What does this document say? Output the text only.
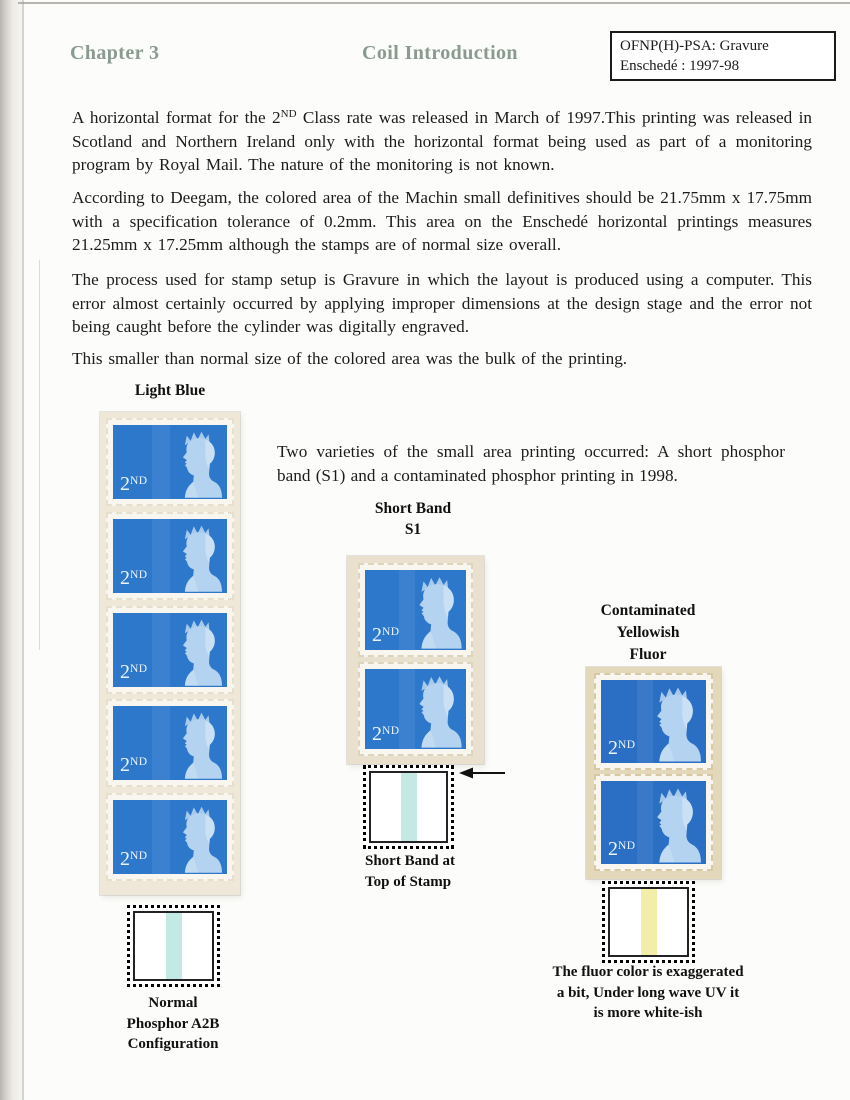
Chapter 3	Coil Introduction	OFNP(H)-PSA: Gravure
Enschedé : 1997-98

A horizontal format for the 2ND Class rate was released in March of 1997.This printing was released in Scotland and Northern Ireland only with the horizontal format being used as part of a monitoring program by Royal Mail. The nature of the monitoring is not known.

According to Deegam, the colored area of the Machin small definitives should be 21.75mm x 17.75mm with a specification tolerance of 0.2mm. This area on the Enschedé horizontal printings measures 21.25mm x 17.25mm although the stamps are of normal size overall.

The process used for stamp setup is Gravure in which the layout is produced using a computer. This error almost certainly occurred by applying improper dimensions at the design stage and the error not being caught before the cylinder was digitally engraved.

This smaller than normal size of the colored area was the bulk of the printing.

Two varieties of the small area printing occurred: A short phosphor band (S1) and a contaminated phosphor printing in 1998.

Light Blue
Short Band
S1
Contaminated
Yellowish
Fluor
2ND
2ND
2ND
2ND
2ND
2ND
2ND
2ND
2ND
Normal
Phosphor A2B
Configuration
Short Band at
Top of Stamp
The fluor color is exaggerated
a bit, Under long wave UV it
is more white-ish
